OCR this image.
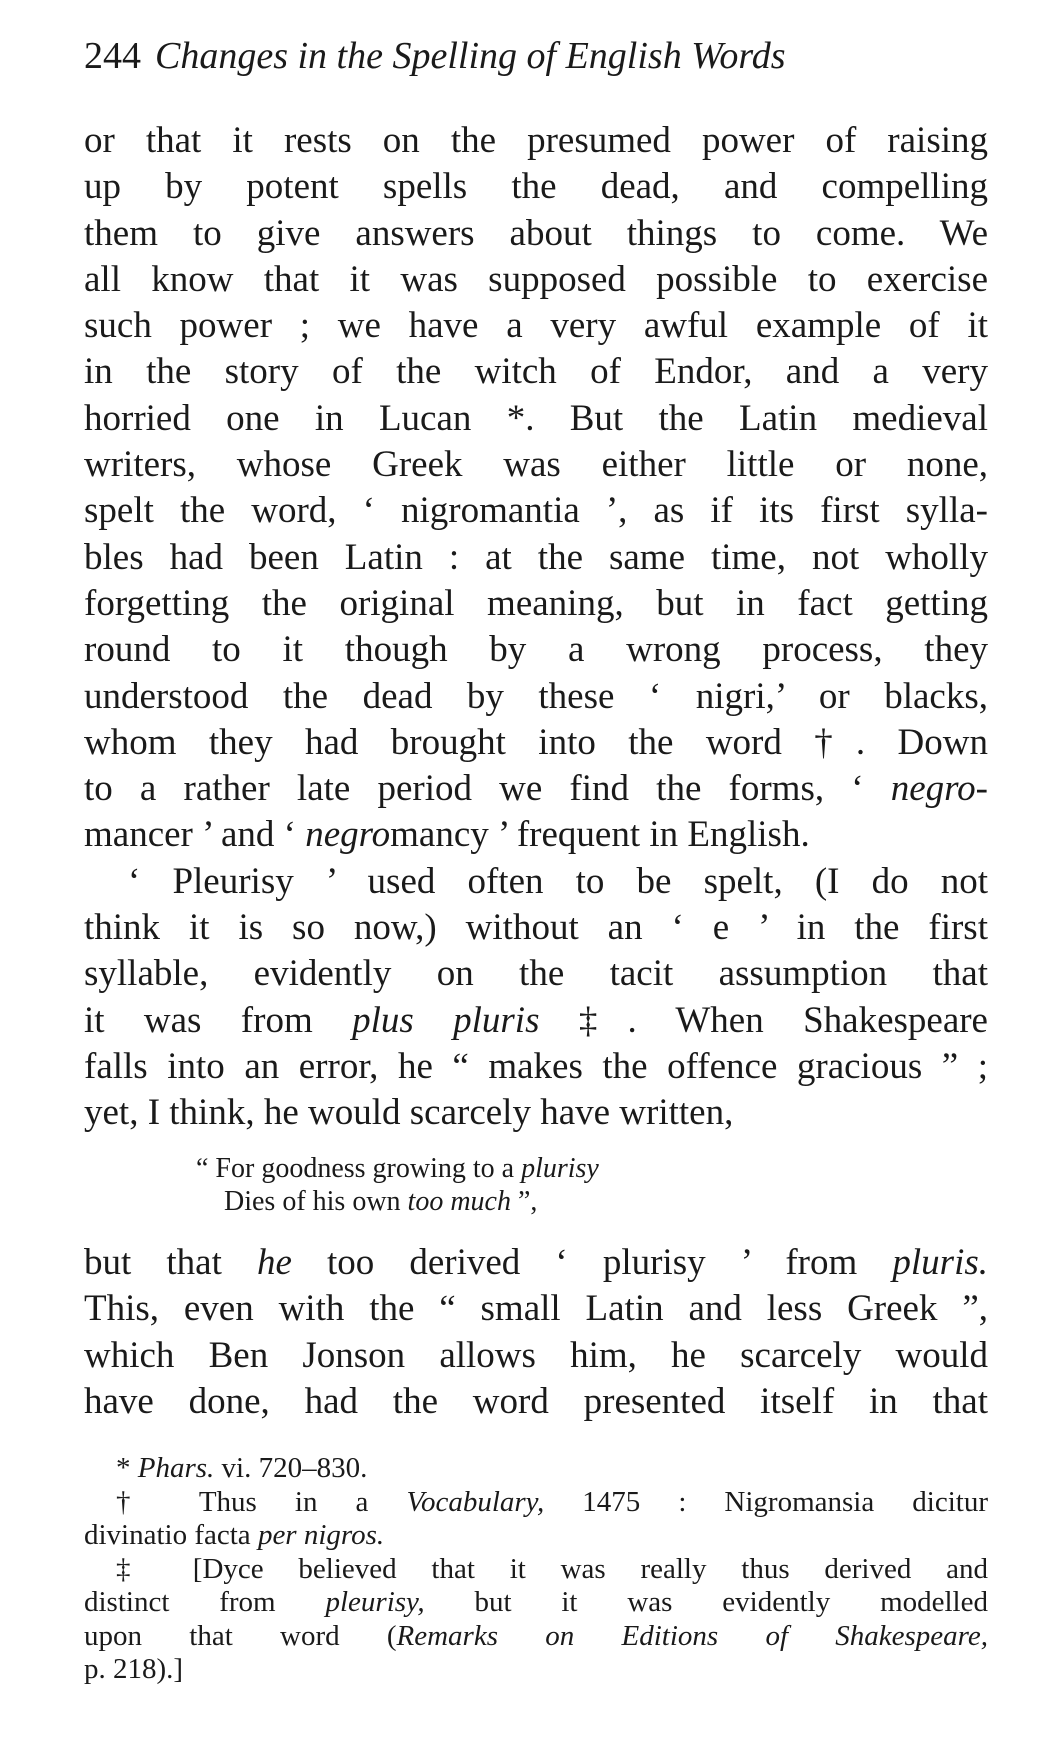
244 Changes in the Spelling of English Words
or that it rests on the presumed power of raising
up by potent spells the dead, and compelling
them to give answers about things to come. We
all know that it was supposed possible to exercise
such power ; we have a very awful example of it
in the story of the witch of Endor, and a very
horried one in Lucan *. But the Latin medieval
writers, whose Greek was either little or none,
spelt the word, ‘ nigromantia ’, as if its first sylla-
bles had been Latin : at the same time, not wholly
forgetting the original meaning, but in fact getting
round to it though by a wrong process, they
understood the dead by these ‘ nigri,’ or blacks,
whom they had brought into the word †. Down
to a rather late period we find the forms, ‘ negro-
mancer ’ and ‘ negromancy ’ frequent in English.
‘ Pleurisy ’ used often to be spelt, (I do not
think it is so now,) without an ‘ e ’ in the first
syllable, evidently on the tacit assumption that
it was from plus pluris ‡. When Shakespeare
falls into an error, he “ makes the offence gracious ” ;
yet, I think, he would scarcely have written,
“ For goodness growing to a plurisy
Dies of his own too much ”,
but that he too derived ‘ plurisy ’ from pluris.
This, even with the “ small Latin and less Greek ”,
which Ben Jonson allows him, he scarcely would
have done, had the word presented itself in that
* Phars. vi. 720–830.
† Thus in a Vocabulary, 1475 : Nigromansia dicitur
divinatio facta per nigros.
‡ [Dyce believed that it was really thus derived and
distinct from pleurisy, but it was evidently modelled
upon that word (Remarks on Editions of Shakespeare,
p. 218).]
